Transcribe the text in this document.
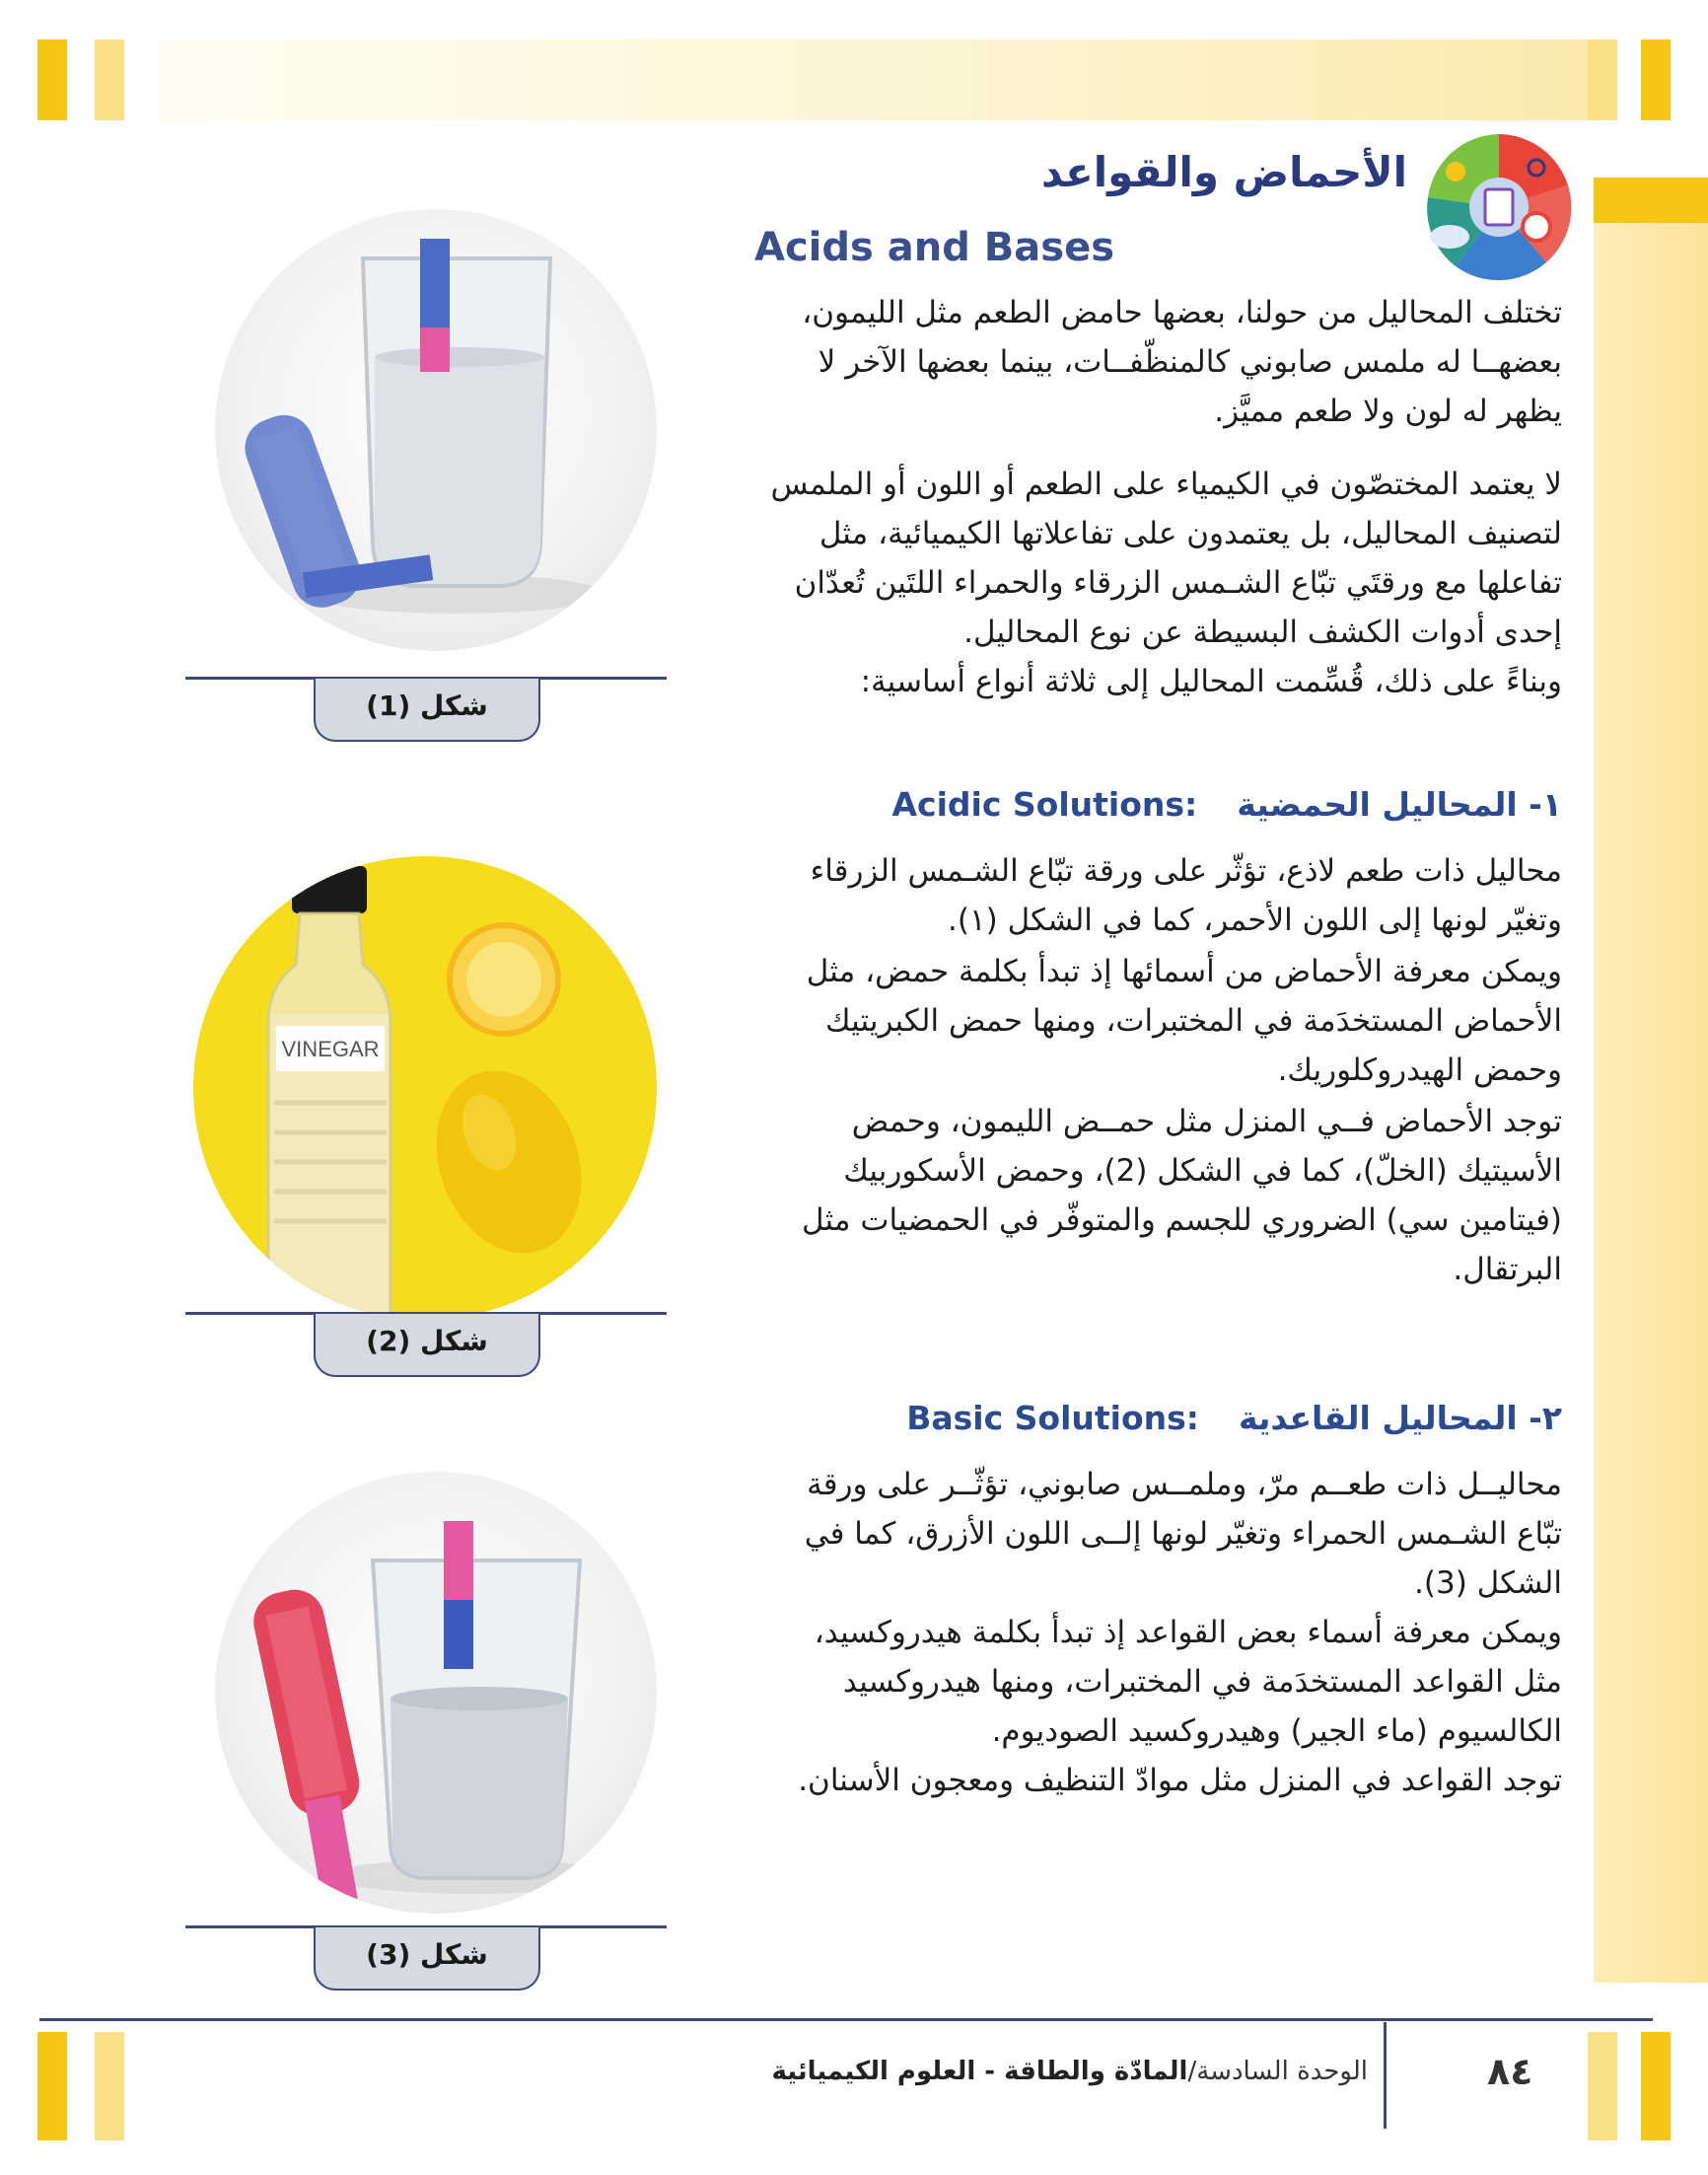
الأحماض والقواعد
Acids and Bases
تختلف المحاليل من حولنا، بعضها حامض الطعم مثل الليمون،
بعضهــا له ملمس صابوني كالمنظّفــات، بينما بعضها الآخر لا
يظهر له لون ولا طعم مميَّز.
لا يعتمد المختصّون في الكيمياء على الطعم أو اللون أو الملمس
لتصنيف المحاليل، بل يعتمدون على تفاعلاتها الكيميائية، مثل
تفاعلها مع ورقتَي تبّاع الشـمس الزرقاء والحمراء اللتَين تُعدّان
إحدى أدوات الكشف البسيطة عن نوع المحاليل.
وبناءً على ذلك، قُسِّمت المحاليل إلى ثلاثة أنواع أساسية:
١- المحاليل الحمضيةAcidic Solutions:
محاليل ذات طعم لاذع، تؤثّر على ورقة تبّاع الشـمس الزرقاء
وتغيّر لونها إلى اللون الأحمر، كما في الشكل (١).
ويمكن معرفة الأحماض من أسمائها إذ تبدأ بكلمة حمض، مثل
الأحماض المستخدَمة في المختبرات، ومنها حمض الكبريتيك
وحمض الهيدروكلوريك.
توجد الأحماض فــي المنزل مثل حمــض الليمون، وحمض
الأسيتيك (الخلّ)، كما في الشكل (2)، وحمض الأسكوربيك
(فيتامين سي) الضروري للجسم والمتوفّر في الحمضيات مثل
البرتقال.
٢- المحاليل القاعديةBasic Solutions:
محاليــل ذات طعــم مرّ، وملمــس صابوني، تؤثّــر على ورقة
تبّاع الشـمس الحمراء وتغيّر لونها إلــى اللون الأزرق، كما في
الشكل (3).
ويمكن معرفة أسماء بعض القواعد إذ تبدأ بكلمة هيدروكسيد،
مثل القواعد المستخدَمة في المختبرات، ومنها هيدروكسيد
الكالسيوم (ماء الجير) وهيدروكسيد الصوديوم.
توجد القواعد في المنزل مثل موادّ التنظيف ومعجون الأسنان.
شكل (1)
VINEGAR
شكل (2)
شكل (3)
الوحدة السادسة/المادّة والطاقة - العلوم الكيميائية	٨٤
